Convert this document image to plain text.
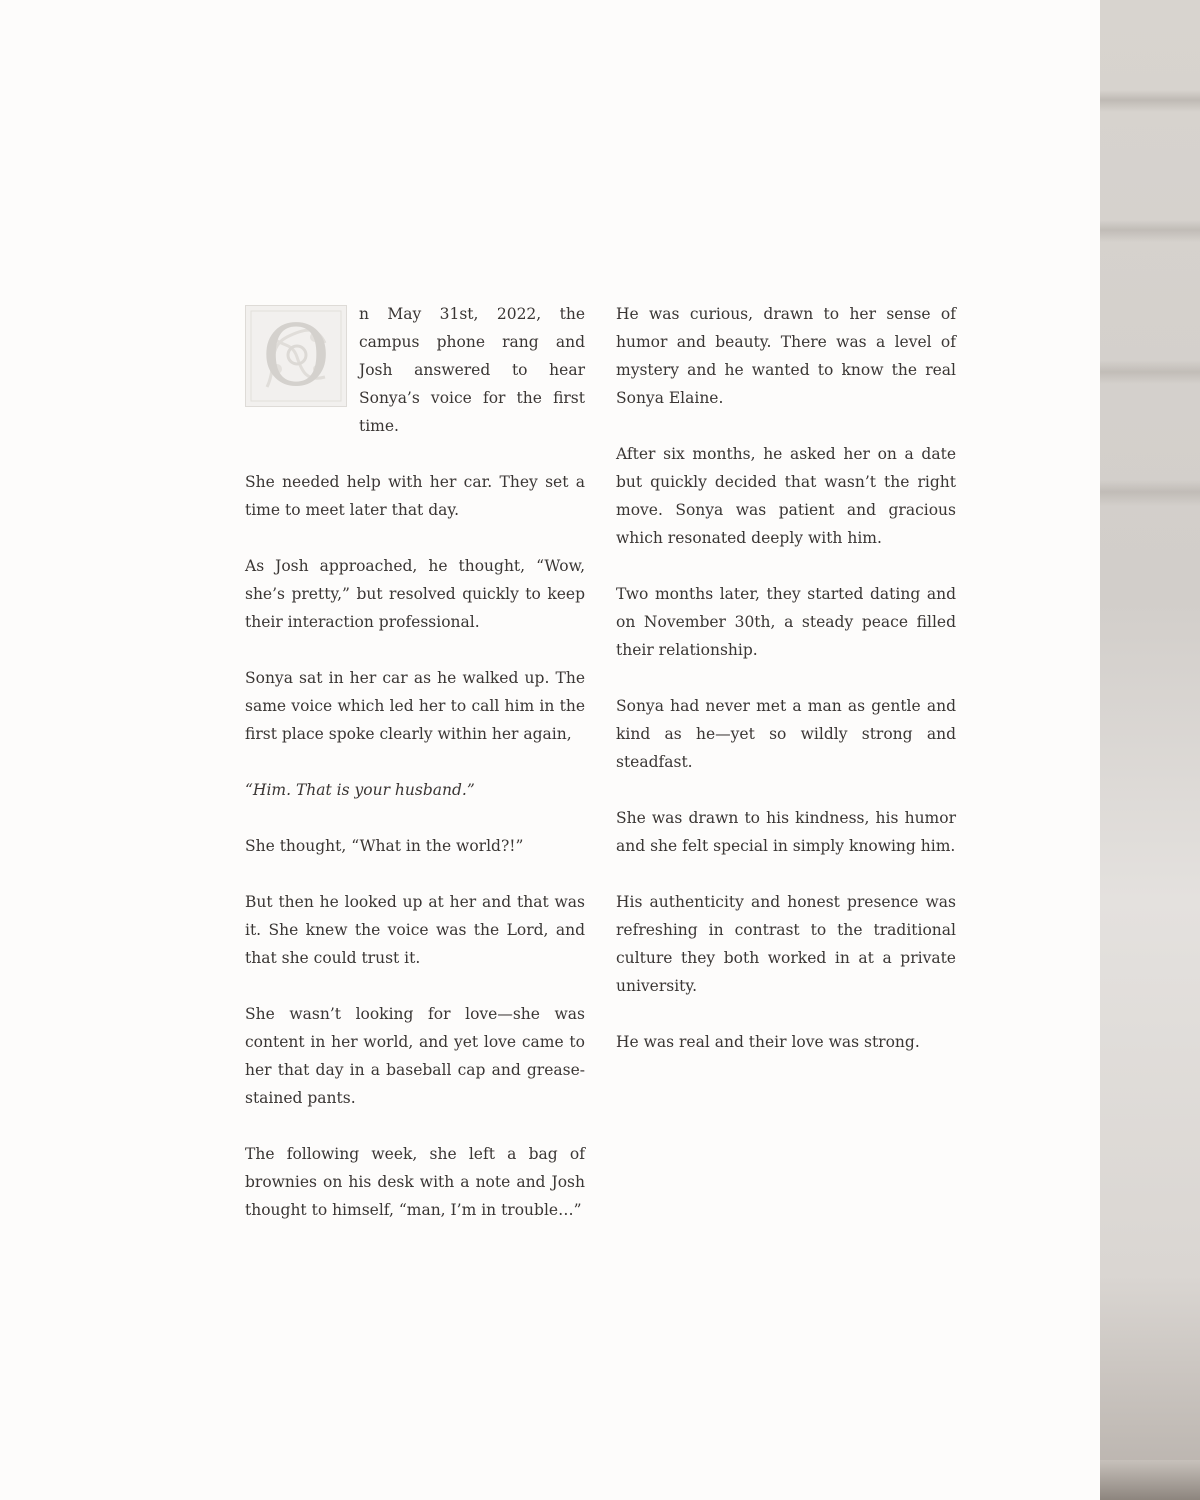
O	n May 31st, 2022, the campus phone rang and Josh answered to hear Sonya’s voice for the first time.

She needed help with her car. They set a time to meet later that day.

As Josh approached, he thought, “Wow, she’s pretty,” but resolved quickly to keep their interaction professional.

Sonya sat in her car as he walked up. The same voice which led her to call him in the first place spoke clearly within her again,

“Him. That is your husband.”

She thought, “What in the world?!”

But then he looked up at her and that was it. She knew the voice was the Lord, and that she could trust it.

She wasn’t looking for love—she was content in her world, and yet love came to her that day in a baseball cap and grease-stained pants.

The following week, she left a bag of brownies on his desk with a note and Josh thought to himself, “man, I’m in trouble…”

He was curious, drawn to her sense of humor and beauty. There was a level of mystery and he wanted to know the real Sonya Elaine.

After six months, he asked her on a date but quickly decided that wasn’t the right move. Sonya was patient and gracious which resonated deeply with him.

Two months later, they started dating and on November 30th, a steady peace filled their relationship.

Sonya had never met a man as gentle and kind as he—yet so wildly strong and steadfast.

She was drawn to his kindness, his humor and she felt special in simply knowing him.

His authenticity and honest presence was refreshing in contrast to the traditional culture they both worked in at a private university.

He was real and their love was strong.
